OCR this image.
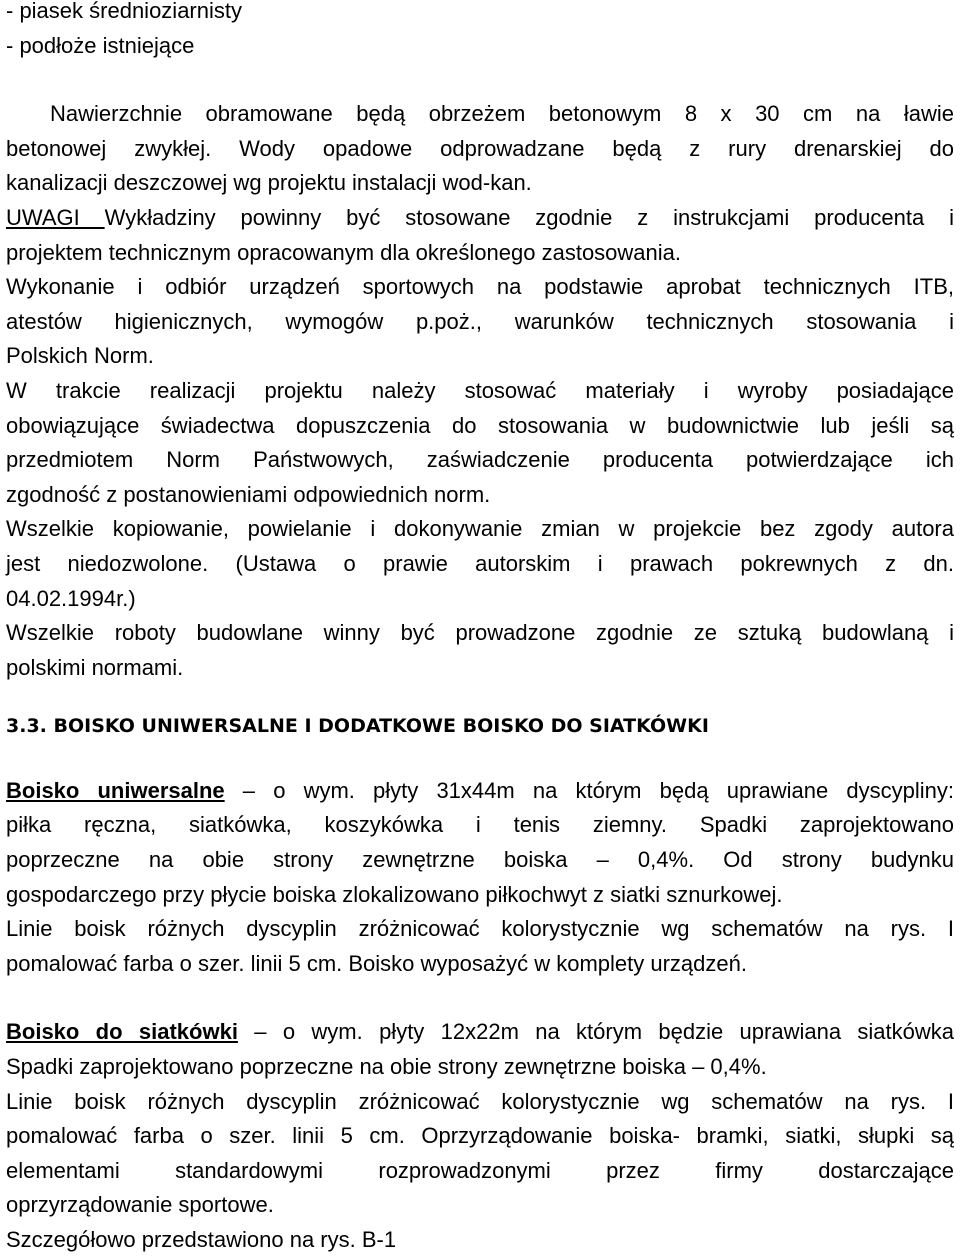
- piasek średnioziarnisty
- podłoże istniejące
Nawierzchnie obramowane będą obrzeżem betonowym 8 x 30 cm na ławie
betonowej zwykłej. Wody opadowe odprowadzane będą z rury drenarskiej do
kanalizacji deszczowej wg projektu instalacji wod-kan.
UWAGI Wykładziny powinny być stosowane zgodnie z instrukcjami producenta i
projektem technicznym opracowanym dla określonego zastosowania.
Wykonanie i odbiór urządzeń sportowych na podstawie aprobat technicznych ITB,
atestów higienicznych, wymogów p.poż., warunków technicznych stosowania i
Polskich Norm.
W trakcie realizacji projektu należy stosować materiały i wyroby posiadające
obowiązujące świadectwa dopuszczenia do stosowania w budownictwie lub jeśli są
przedmiotem Norm Państwowych, zaświadczenie producenta potwierdzające ich
zgodność z postanowieniami odpowiednich norm.
Wszelkie kopiowanie, powielanie i dokonywanie zmian w projekcie bez zgody autora
jest niedozwolone. (Ustawa o prawie autorskim i prawach pokrewnych z dn.
04.02.1994r.)
Wszelkie roboty budowlane winny być prowadzone zgodnie ze sztuką budowlaną i
polskimi normami.
3.3. BOISKO UNIWERSALNE I DODATKOWE BOISKO DO SIATKÓWKI
Boisko uniwersalne – o wym. płyty 31x44m na którym będą uprawiane dyscypliny:
piłka ręczna, siatkówka, koszykówka i tenis ziemny. Spadki zaprojektowano
poprzeczne na obie strony zewnętrzne boiska – 0,4%. Od strony budynku
gospodarczego przy płycie boiska zlokalizowano piłkochwyt z siatki sznurkowej.
Linie boisk różnych dyscyplin zróżnicować kolorystycznie wg schematów na rys. I
pomalować farba o szer. linii 5 cm. Boisko wyposażyć w komplety urządzeń.
Boisko do siatkówki – o wym. płyty 12x22m na którym będzie uprawiana siatkówka
Spadki zaprojektowano poprzeczne na obie strony zewnętrzne boiska – 0,4%.
Linie boisk różnych dyscyplin zróżnicować kolorystycznie wg schematów na rys. I
pomalować farba o szer. linii 5 cm. Oprzyrządowanie boiska- bramki, siatki, słupki są
elementami standardowymi rozprowadzonymi przez firmy dostarczające
oprzyrządowanie sportowe.
Szczegółowo przedstawiono na rys. B-1
